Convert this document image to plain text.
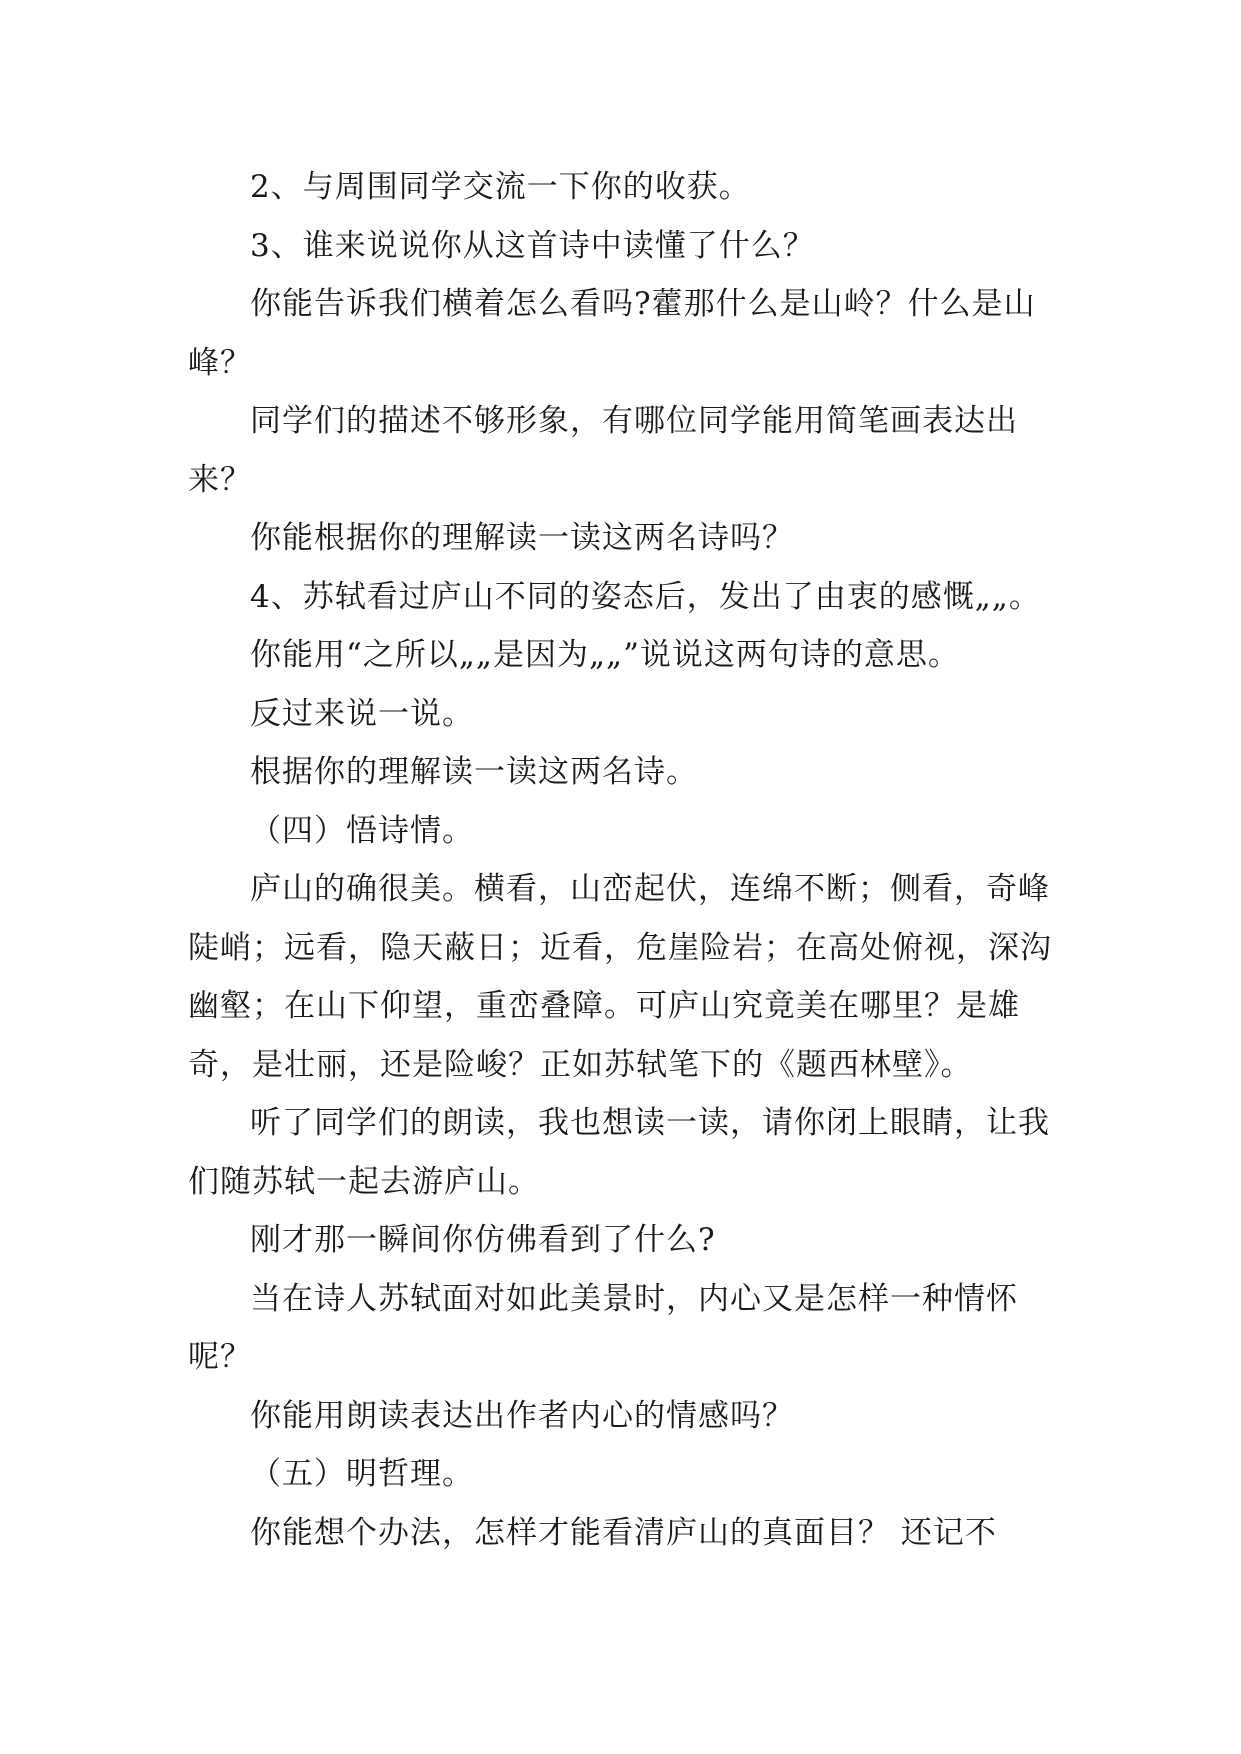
2、与周围同学交流一下你的收获。

3、谁来说说你从这首诗中读懂了什么？

你能告诉我们横着怎么看吗?藿那什么是山岭？什么是山峰？

同学们的描述不够形象，有哪位同学能用简笔画表达出来？

你能根据你的理解读一读这两名诗吗？

4、苏轼看过庐山不同的姿态后，发出了由衷的感慨„„。

你能用“之所以„„是因为„„”说说这两句诗的意思。

反过来说一说。

根据你的理解读一读这两名诗。

（四）悟诗情。

庐山的确很美。横看，山峦起伏，连绵不断；侧看，奇峰陡峭；远看，隐天蔽日；近看，危崖险岩；在高处俯视，深沟幽壑；在山下仰望，重峦叠障。可庐山究竟美在哪里？是雄奇，是壮丽，还是险峻？正如苏轼笔下的《题西林壁》。

听了同学们的朗读，我也想读一读，请你闭上眼睛，让我们随苏轼一起去游庐山。

刚才那一瞬间你仿佛看到了什么?

当在诗人苏轼面对如此美景时，内心又是怎样一种情怀呢？

你能用朗读表达出作者内心的情感吗？

（五）明哲理。

你能想个办法，怎样才能看清庐山的真面目？ 还记不
